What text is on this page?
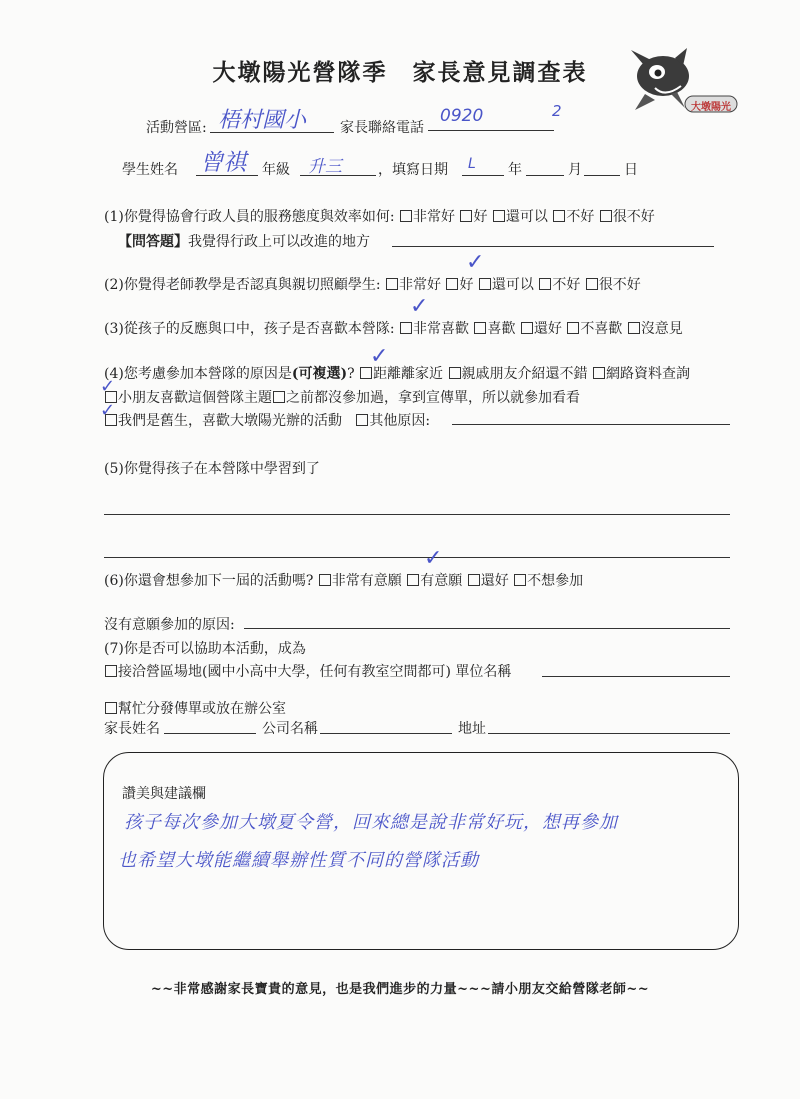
大墩陽光營隊季　家長意見調查表
大墩陽光
活動營區: 梧村國小 家長聯絡電話
0920	2
學生姓名 曾祺 年級 升三	，填寫日期 L 年	月	日
(1)你覺得協會行政人員的服務態度與效率如何: 非常好 好 還可以 不好 很不好
【問答題】我覺得行政上可以改進的地方
(2)你覺得老師教學是否認真與親切照顧學生: 非常好 好 還可以 不好 很不好
✓
(3)從孩子的反應與口中，孩子是否喜歡本營隊: 非常喜歡 喜歡 還好 不喜歡 沒意見
✓
(4)您考慮參加本營隊的原因是(可複選)? 距離離家近 親戚朋友介紹還不錯 網路資料查詢
✓
小朋友喜歡這個營隊主題 之前都沒參加過，拿到宣傳單，所以就參加看看
✓
我們是舊生，喜歡大墩陽光辦的活動 其他原因:
✓
(5)你覺得孩子在本營隊中學習到了
(6)你還會想參加下一屆的活動嗎? 非常有意願 有意願 還好 不想參加
✓
沒有意願參加的原因:
(7)你是否可以協助本活動，成為
接洽營區場地(國中小高中大學，任何有教室空間都可) 單位名稱
幫忙分發傳單或放在辦公室
家長姓名	公司名稱	地址
讚美與建議欄
孩子每次參加大墩夏令營，回來總是說非常好玩，想再參加
也希望大墩能繼續舉辦性質不同的營隊活動
~~非常感謝家長寶貴的意見，也是我們進步的力量~~~請小朋友交給營隊老師~~
